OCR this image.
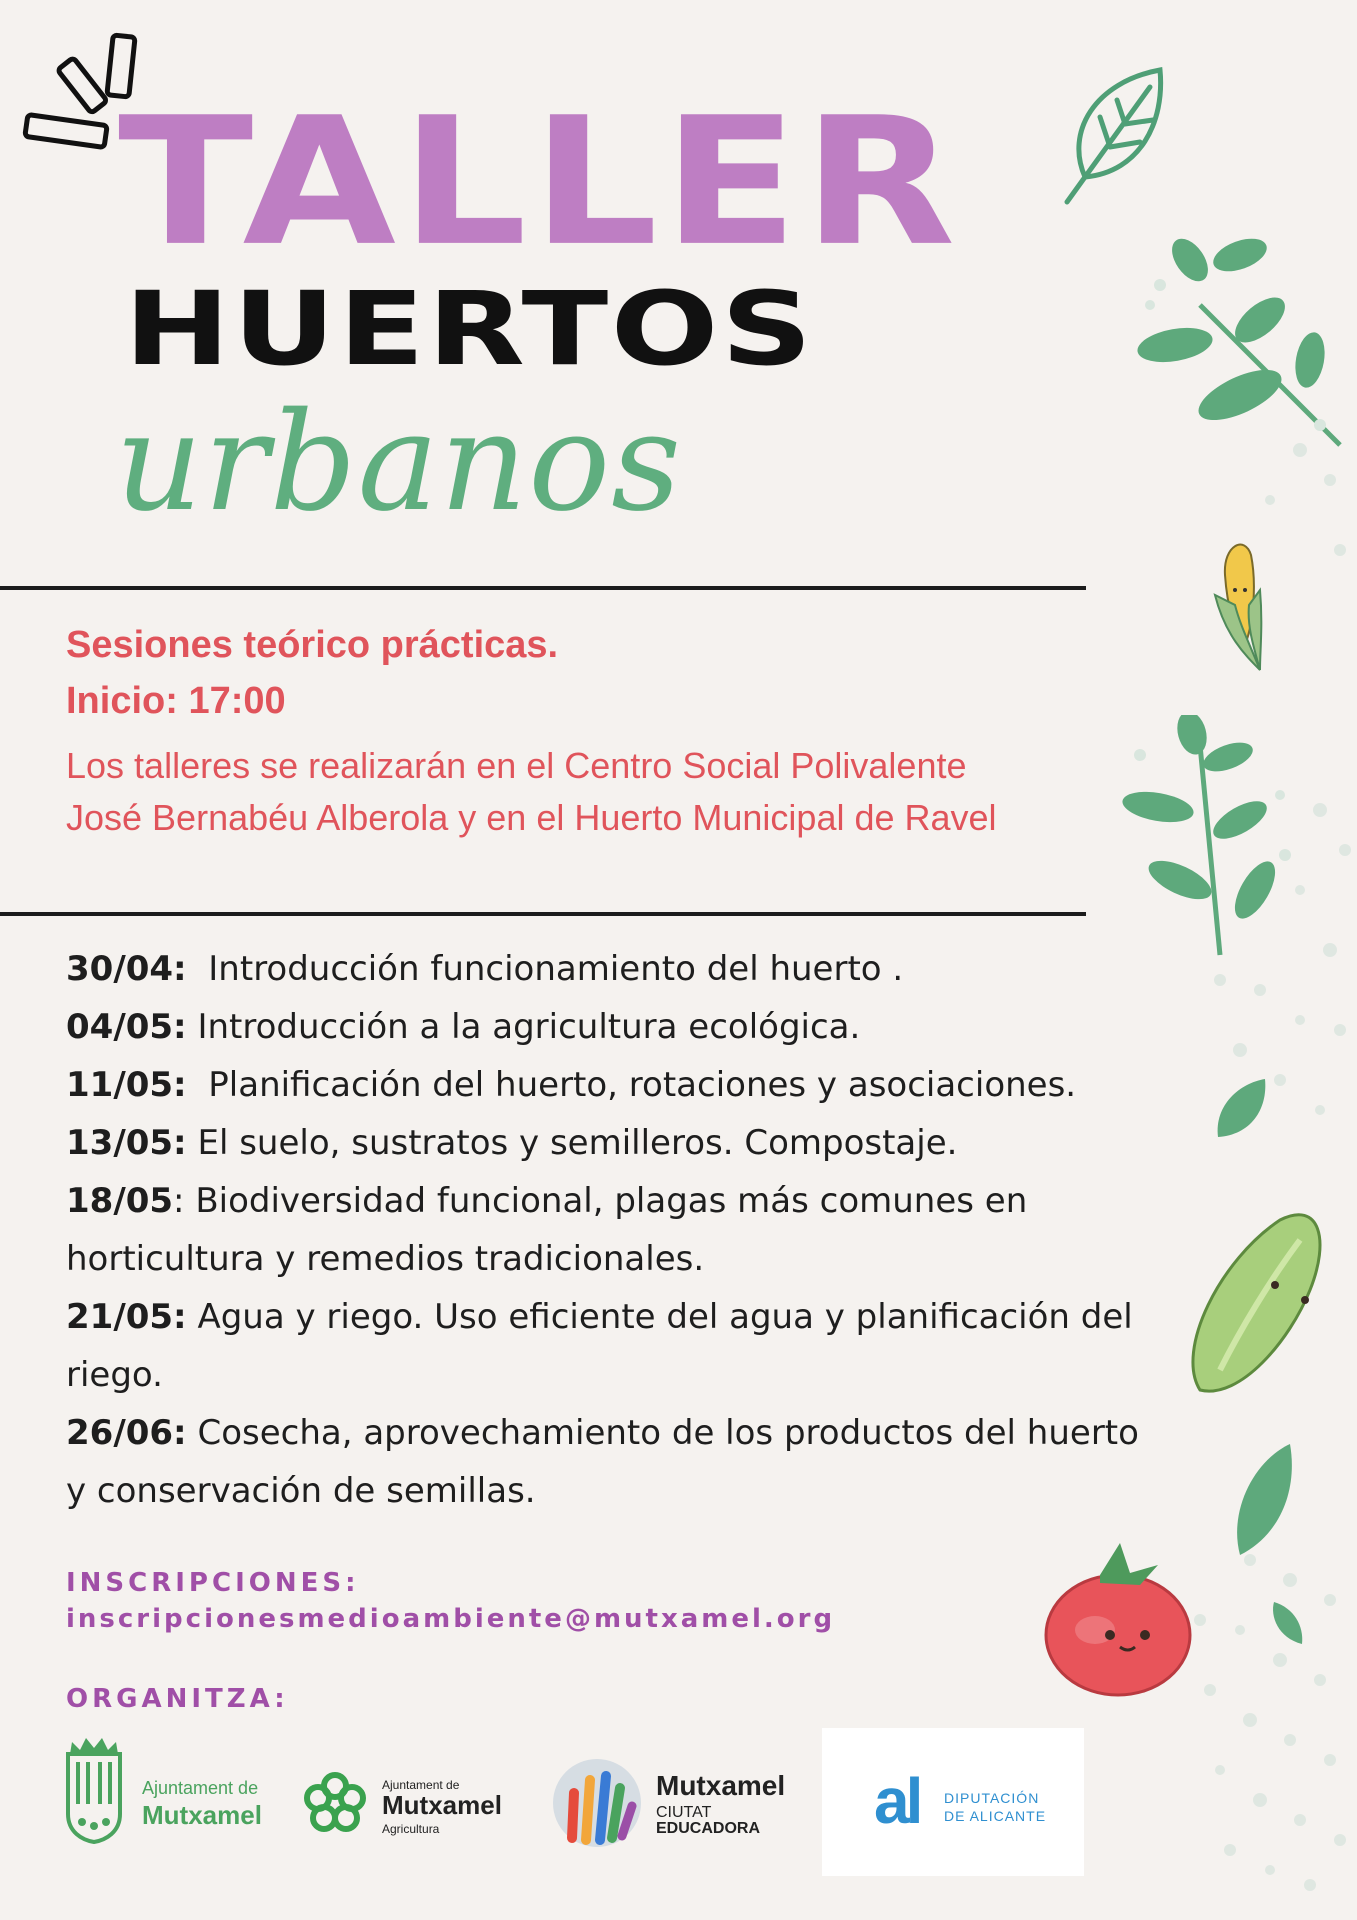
TALLER
HUERTOS
urbanos
Sesiones teórico prácticas.
Inicio: 17:00
Los talleres se realizarán en el Centro Social Polivalente José Bernabéu Alberola y en el Huerto Municipal de Ravel
30/04: Introducción funcionamiento del huerto .
04/05: Introducción a la agricultura ecológica.
11/05: Planificación del huerto, rotaciones y asociaciones.
13/05: El suelo, sustratos y semilleros. Compostaje.
18/05: Biodiversidad funcional, plagas más comunes en horticultura y remedios tradicionales.
21/05: Agua y riego. Uso eficiente del agua y planificación del riego.
26/06: Cosecha, aprovechamiento de los productos del huerto y conservación de semillas.
INSCRIPCIONES:
inscripcionesmedioambiente@mutxamel.org
ORGANITZA:
Ajuntament de
Mutxamel
Ajuntament de
Mutxamel
Agricultura
Mutxamel
CIUTAT
EDUCADORA al DIPUTACIÓN
DE ALICANTE
